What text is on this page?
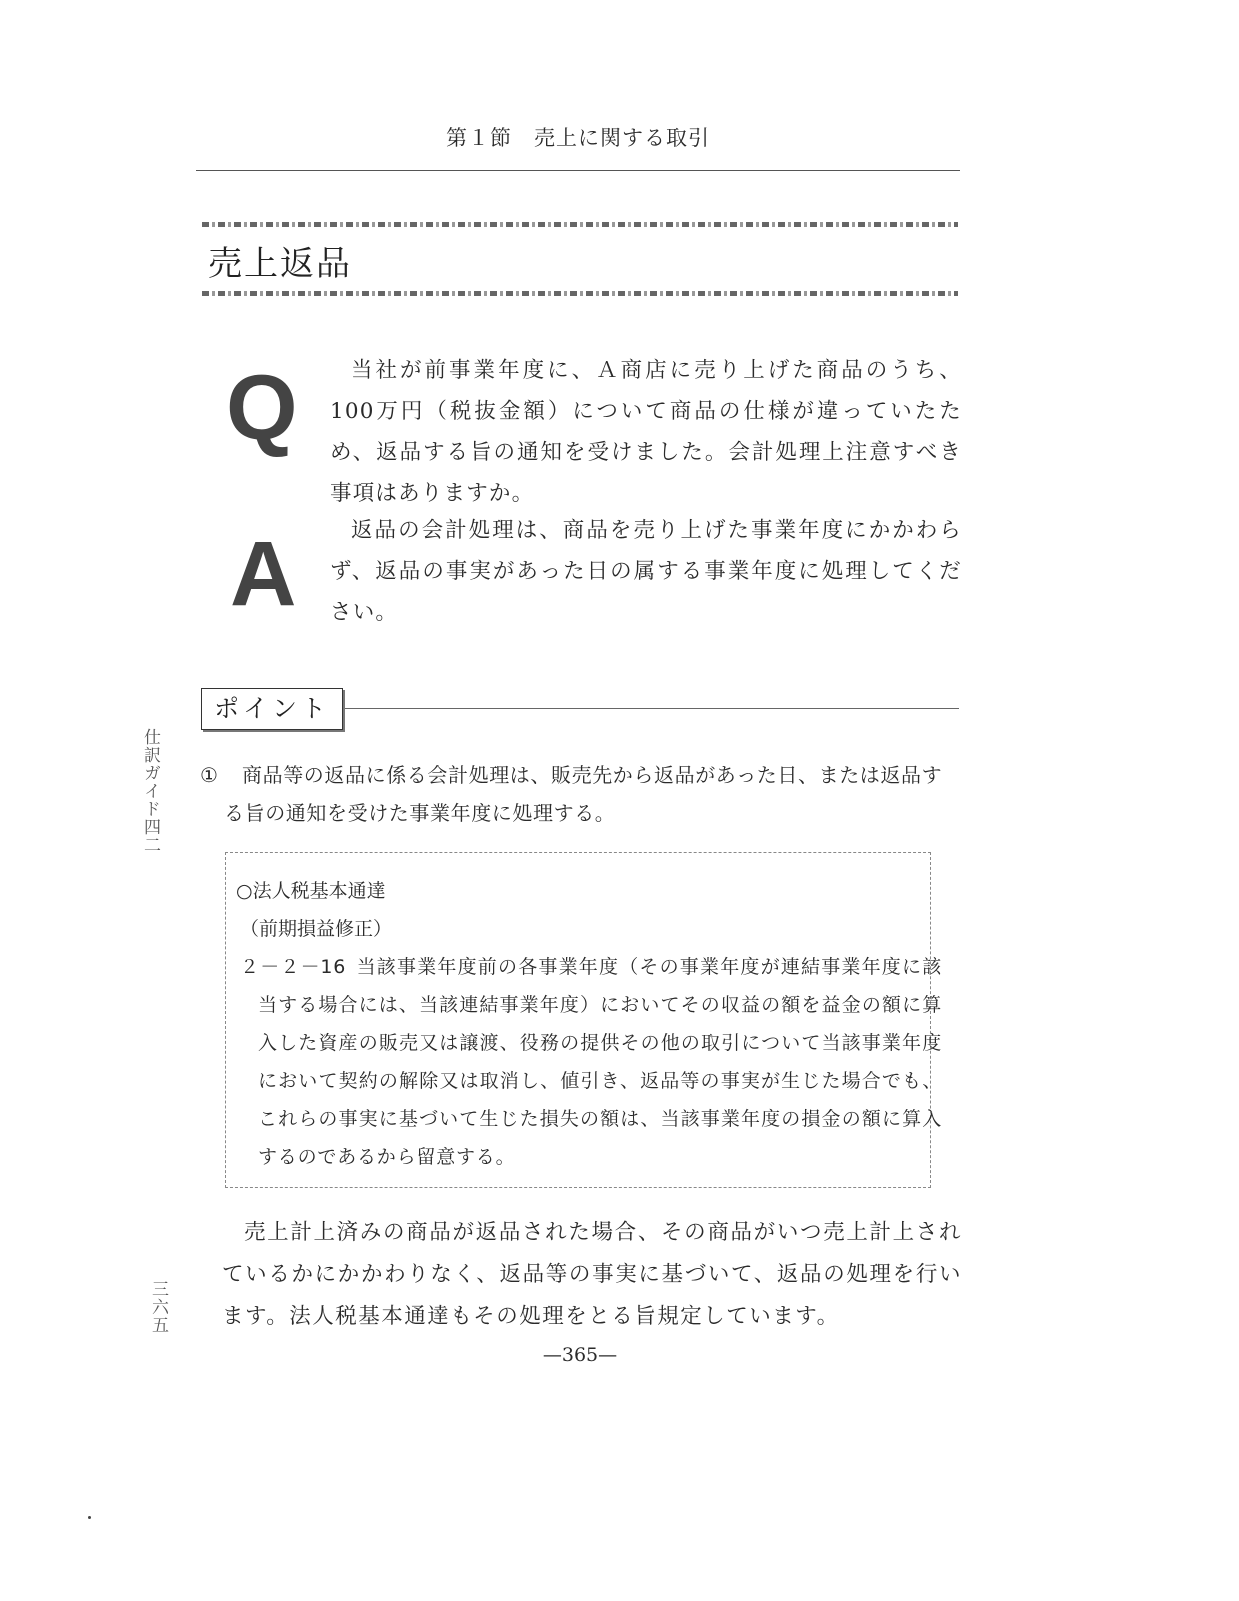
第１節 売上に関する取引
売上返品
Q	当社が前事業年度に、Ａ商店に売り上げた商品のうち、100万円（税抜金額）について商品の仕様が違っていたため、返品する旨の通知を受けました。会計処理上注意すべき事項はありますか。
A	返品の会計処理は、商品を売り上げた事業年度にかかわらず、返品の事実があった日の属する事業年度に処理してください。
ポイント
①	商品等の返品に係る会計処理は、販売先から返品があった日、または返品する旨の通知を受けた事業年度に処理する。
○法人税基本通達
（前期損益修正）
２－２－16 当該事業年度前の各事業年度（その事業年度が連結事業年度に該当する場合には、当該連結事業年度）においてその収益の額を益金の額に算入した資産の販売又は譲渡、役務の提供その他の取引について当該事業年度において契約の解除又は取消し、値引き、返品等の事実が生じた場合でも、これらの事実に基づいて生じた損失の額は、当該事業年度の損金の額に算入するのであるから留意する。
売上計上済みの商品が返品された場合、その商品がいつ売上計上されているかにかかわりなく、返品等の事実に基づいて、返品の処理を行います。法人税基本通達もその処理をとる旨規定しています。
—365—
仕訳ガイド四二
三六五
